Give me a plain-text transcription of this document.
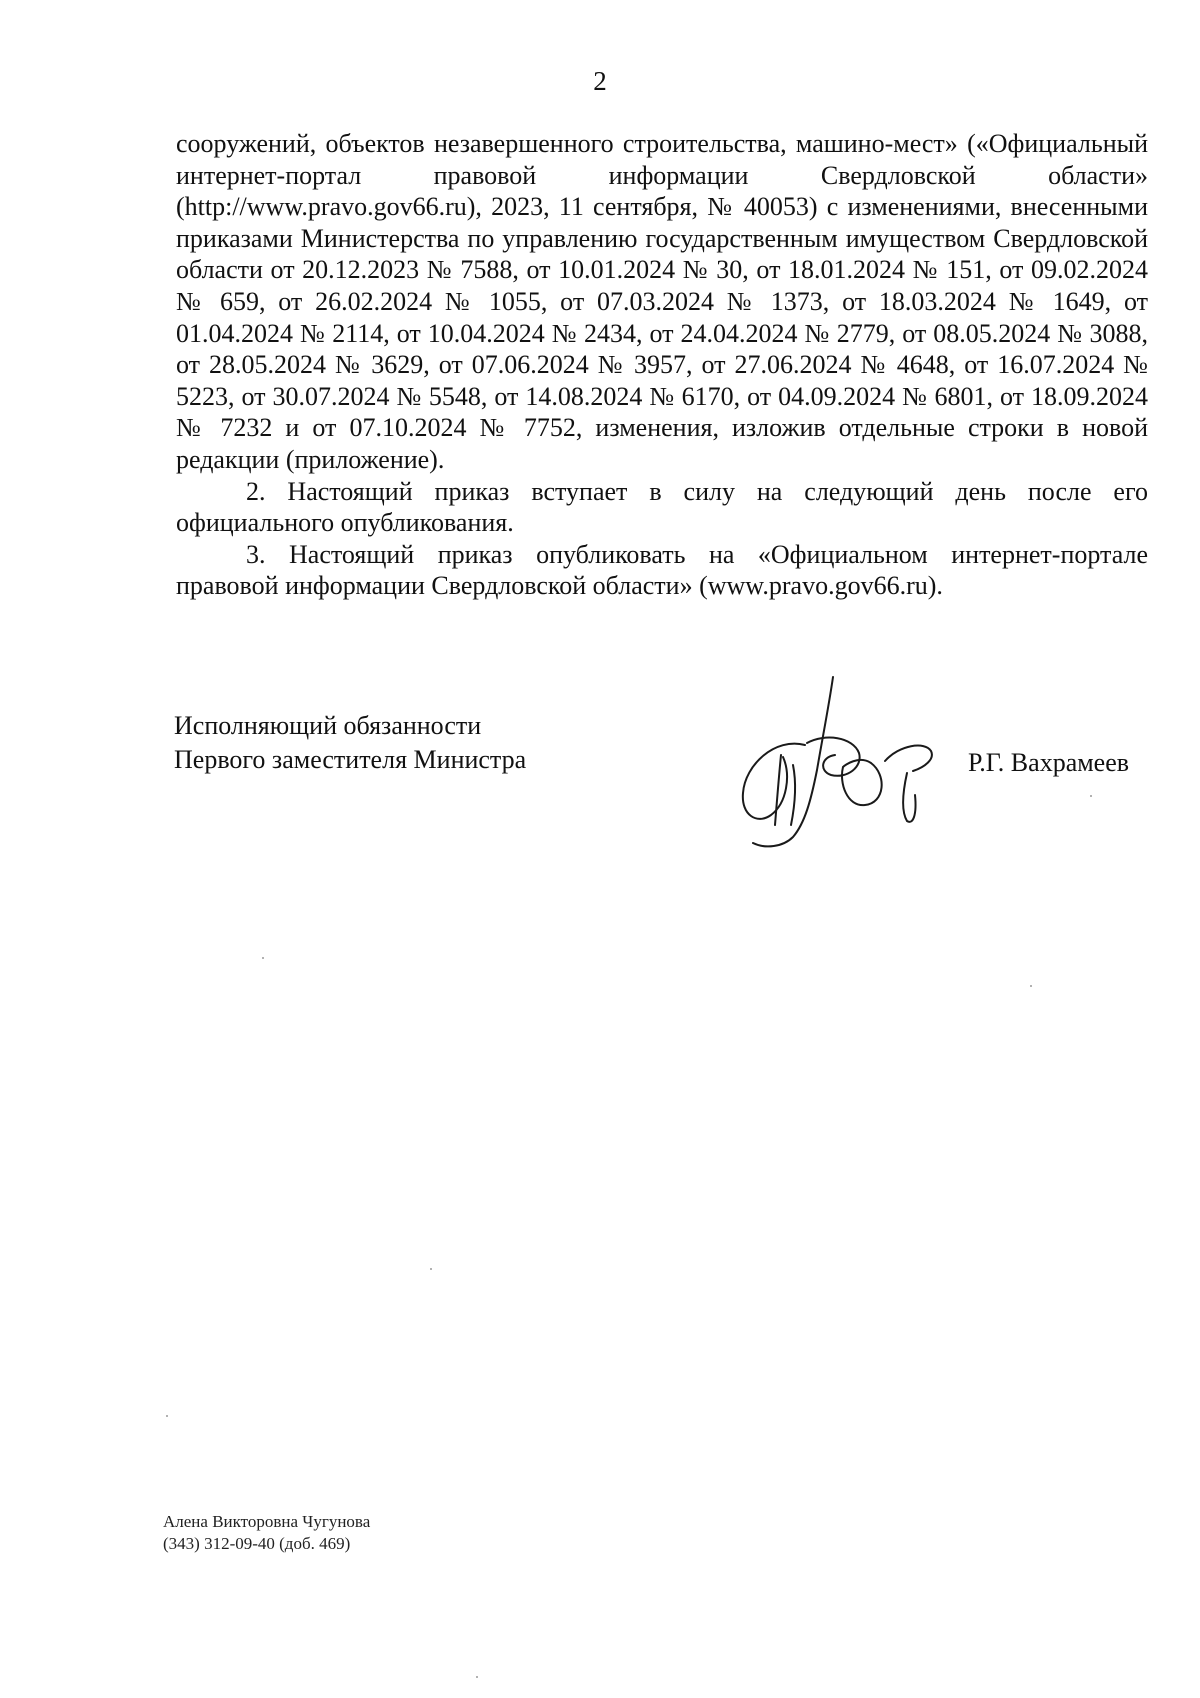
2

сооружений, объектов незавершенного строительства, машино-мест» («Официальный интернет-портал правовой информации Свердловской области» (http://www.pravo.gov66.ru), 2023, 11 сентября, № 40053) с изменениями, внесенными приказами Министерства по управлению государственным имуществом Свердловской области от 20.12.2023 № 7588, от 10.01.2024 № 30, от 18.01.2024 № 151, от 09.02.2024 № 659, от 26.02.2024 № 1055, от 07.03.2024 № 1373, от 18.03.2024 № 1649, от 01.04.2024 № 2114, от 10.04.2024 № 2434, от 24.04.2024 № 2779, от 08.05.2024 № 3088, от 28.05.2024 № 3629, от 07.06.2024 № 3957, от 27.06.2024 № 4648, от 16.07.2024 № 5223, от 30.07.2024 № 5548, от 14.08.2024 № 6170, от 04.09.2024 № 6801, от 18.09.2024 № 7232 и от 07.10.2024 № 7752, изменения, изложив отдельные строки в новой редакции (приложение).

2. Настоящий приказ вступает в силу на следующий день после его официального опубликования.

3. Настоящий приказ опубликовать на «Официальном интернет-портале правовой информации Свердловской области» (www.pravo.gov66.ru).

Исполняющий обязанности
Первого заместителя Министра	Р.Г. Вахрамеев
Алена Викторовна Чугунова
(343) 312-09-40 (доб. 469)
